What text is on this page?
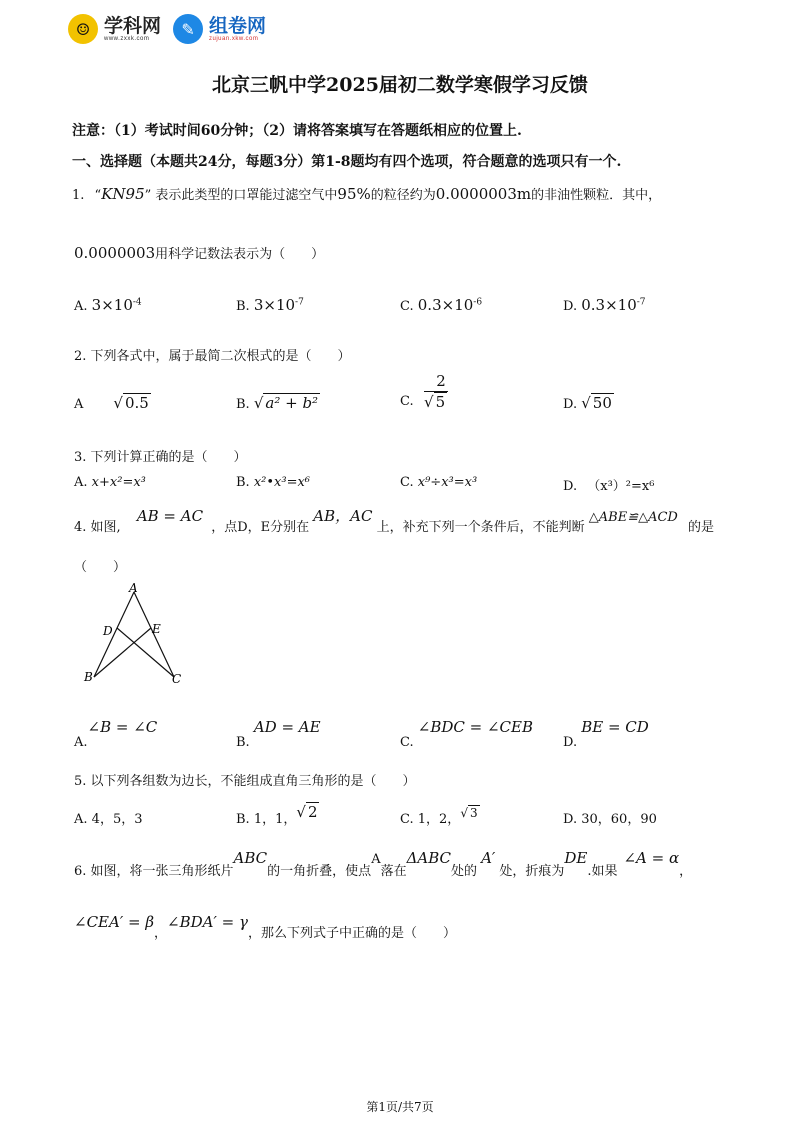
☺ 学科网
www.zxxk.com	✎ 组卷网
zujuan.xkw.com
北京三帆中学2025届初二数学寒假学习反馈
注意：（1）考试时间60分钟；（2）请将答案填写在答题纸相应的位置上.
一、选择题（本题共24分，每题3分）第1-8题均有四个选项，符合题意的选项只有一个.
1. “KN95” 表示此类型的口罩能过滤空气中95%的粒径约为0.0000003m的非油性颗粒．其中，
0.0000003用科学记数法表示为（　　）
A. $3\times 10^{-4}$	B. $3\times 10^{-7}$	C. $0.3\times 10^{-6}$	D. $0.3\times 10^{-7}$
2. 下列各式中，属于最简二次根式的是（　　）
A √ 0.5	B. √ a² + b²	C.
2
√ 5	D. √ 50
3. 下列计算正确的是（　　）
A. x+x²=x³	B. x²•x³=x⁶	C. x⁹÷x³=x³	D. （x³）²=x⁶
4. 如图, AB = AC ，点D，E分别在 AB，AC 上，补充下列一个条件后，不能判断 △ABE≌△ACD 的是
（　　）
A
D	E
B	C
A.∠B = ∠C
B. AD = AE
C. ∠BDC = ∠CEB
D. BE = CD
5. 以下列各组数为边长，不能组成直角三角形的是（　　）
A. 4，5，3	B. 1，1，√ 2	C. 1，2，√ 3	D. 30，60，90
6. 如图，将一张三角形纸片ABC的一角折叠，使点A落在ΔABC处的A′处，折痕为DE.如果∠A = α，
∠CEA′ = β，∠BDA′ = γ，那么下列式子中正确的是（　　）
第1页/共7页
